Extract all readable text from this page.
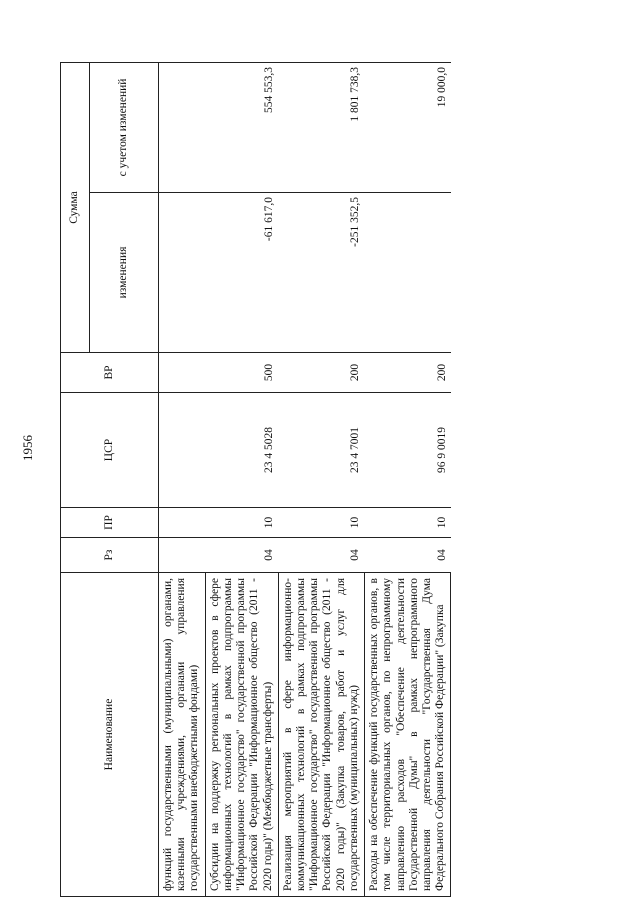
1956
Наименование	Рз	ПР	ЦСР	ВР	Сумма	
					изменения	с учетом изменений
функций государственными (муниципальными) органами, казенными учреждениями, органами управления государственными внебюджетными фондами)						
Субсидии на поддержку региональных проектов в сфере информационных технологий в рамках подпрограммы "Информационное государство" государственной программы Российской Федерации "Информационное общество (2011 - 2020 годы)" (Межбюджетные трансферты)	04	10	23 4 5028	500	-61 617,0	554 553,3
Реализация мероприятий в сфере информационно-коммуникационных технологий в рамках подпрограммы "Информационное государство" государственной программы Российской Федерации "Информационное общество (2011 - 2020 годы)" (Закупка товаров, работ и услуг для государственных (муниципальных) нужд)	04	10	23 4 7001	200	-251 352,5	1 801 738,3
Расходы на обеспечение функций государственных органов, в том числе территориальных органов, по непрограммному направлению расходов "Обеспечение деятельности Государственной Думы" в рамках непрограммного направления деятельности "Государственная Дума Федерального Собрания Российской Федерации" (Закупка	04	10	96 9 0019	200		19 000,0
